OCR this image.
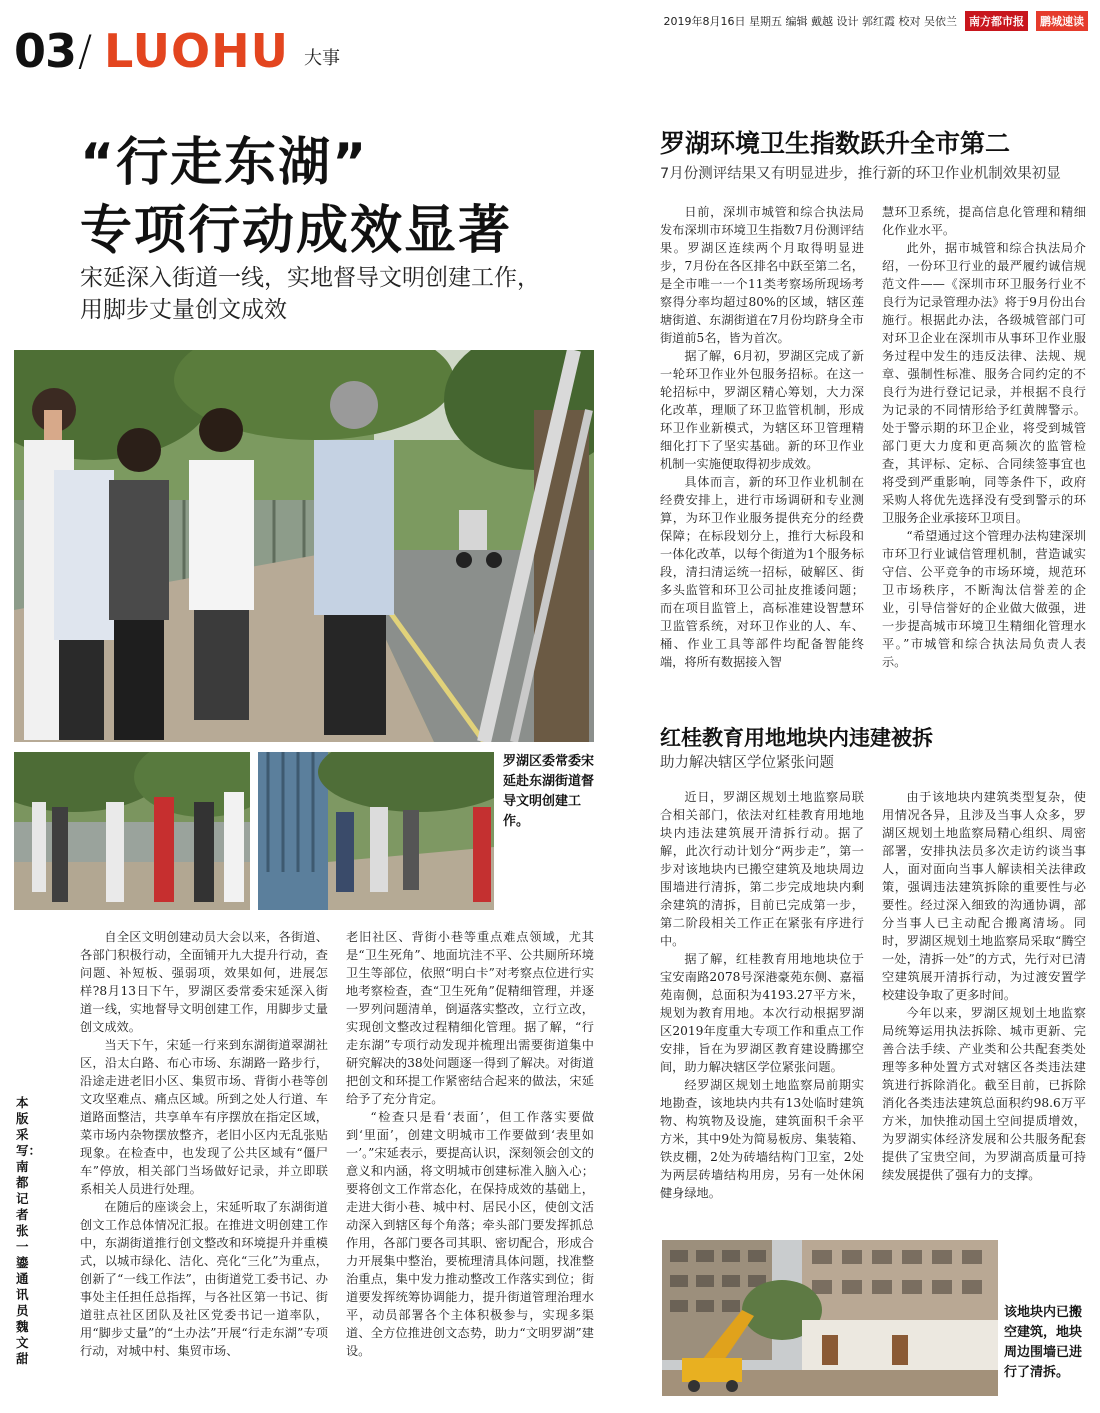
2019年8月16日 星期五 编辑 戴越 设计 郭红霞 校对 吴依兰	南方都市报	鹏城速读
03 / LUOHU 大事
“行走东湖”
专项行动成效显著
宋延深入街道一线，实地督导文明创建工作，用脚步丈量创文成效
罗湖区委常委宋延赴东湖街道督导文明创建工作。

自全区文明创建动员大会以来，各街道、各部门积极行动，全面铺开九大提升行动，查问题、补短板、强弱项，效果如何，进展怎样?8月13日下午，罗湖区委常委宋延深入街道一线，实地督导文明创建工作，用脚步丈量创文成效。

当天下午，宋延一行来到东湖街道翠湖社区，沿太白路、布心市场、东湖路一路步行，沿途走进老旧小区、集贸市场、背街小巷等创文攻坚难点、痛点区域。所到之处人行道、车道路面整洁，共享单车有序摆放在指定区域，菜市场内杂物摆放整齐，老旧小区内无乱张贴现象。在检查中，也发现了公共区域有“僵尸车”停放，相关部门当场做好记录，并立即联系相关人员进行处理。

在随后的座谈会上，宋延听取了东湖街道创文工作总体情况汇报。在推进文明创建工作中，东湖街道推行创文整改和环境提升并重模式，以城市绿化、洁化、亮化“三化”为重点，创新了“一线工作法”，由街道党工委书记、办事处主任担任总指挥，与各社区第一书记、街道驻点社区团队及社区党委书记一道率队，用“脚步丈量”的“土办法”开展“行走东湖”专项行动，对城中村、集贸市场、

老旧社区、背街小巷等重点难点领域，尤其是“卫生死角”、地面坑洼不平、公共厕所环境卫生等部位，依照“明白卡”对考察点位进行实地考察检查，查“卫生死角”促精细管理，并逐一罗列问题清单，倒逼落实整改，立行立改，实现创文整改过程精细化管理。据了解，“行走东湖”专项行动发现并梳理出需要街道集中研究解决的38处问题逐一得到了解决。对街道把创文和环提工作紧密结合起来的做法，宋延给予了充分肯定。

“检查只是看‘表面’，但工作落实要做到‘里面’，创建文明城市工作要做到‘表里如一’。”宋延表示，要提高认识，深刻领会创文的意义和内涵，将文明城市创建标准入脑入心；要将创文工作常态化，在保持成效的基础上，走进大街小巷、城中村、居民小区，使创文活动深入到辖区每个角落；牵头部门要发挥抓总作用，各部门要各司其职、密切配合，形成合力开展集中整治，要梳理清具体问题，找准整治重点，集中发力推动整改工作落实到位；街道要发挥统筹协调能力，提升街道管理治理水平，动员部署各个主体积极参与，实现多渠道、全方位推进创文态势，助力“文明罗湖”建设。

本版采写：南都记者 张一鎏 通讯员 魏文甜
罗湖环境卫生指数跃升全市第二
7月份测评结果又有明显进步，推行新的环卫作业机制效果初显

日前，深圳市城管和综合执法局发布深圳市环境卫生指数7月份测评结果。罗湖区连续两个月取得明显进步，7月份在各区排名中跃至第二名，是全市唯一一个11类考察场所现场考察得分率均超过80%的区域，辖区莲塘街道、东湖街道在7月份均跻身全市街道前5名，皆为首次。

据了解，6月初，罗湖区完成了新一轮环卫作业外包服务招标。在这一轮招标中，罗湖区精心筹划，大力深化改革，理顺了环卫监管机制，形成环卫作业新模式，为辖区环卫管理精细化打下了坚实基础。新的环卫作业机制一实施便取得初步成效。

具体而言，新的环卫作业机制在经费安排上，进行市场调研和专业测算，为环卫作业服务提供充分的经费保障；在标段划分上，推行大标段和一体化改革，以每个街道为1个服务标段，清扫清运统一招标，破解区、街多头监管和环卫公司扯皮推诿问题；而在项目监管上，高标准建设智慧环卫监管系统，对环卫作业的人、车、桶、作业工具等部件均配备智能终端，将所有数据接入智

慧环卫系统，提高信息化管理和精细化作业水平。

此外，据市城管和综合执法局介绍，一份环卫行业的最严履约诚信规范文件——《深圳市环卫服务行业不良行为记录管理办法》将于9月份出台施行。根据此办法，各级城管部门可对环卫企业在深圳市从事环卫作业服务过程中发生的违反法律、法规、规章、强制性标准、服务合同约定的不良行为进行登记记录，并根据不良行为记录的不同情形给予红黄牌警示。处于警示期的环卫企业，将受到城管部门更大力度和更高频次的监管检查，其评标、定标、合同续签事宜也将受到严重影响，同等条件下，政府采购人将优先选择没有受到警示的环卫服务企业承接环卫项目。

“希望通过这个管理办法构建深圳市环卫行业诚信管理机制，营造诚实守信、公平竞争的市场环境，规范环卫市场秩序，不断淘汰信誉差的企业，引导信誉好的企业做大做强，进一步提高城市环境卫生精细化管理水平。”市城管和综合执法局负责人表示。

红桂教育用地地块内违建被拆
助力解决辖区学位紧张问题

近日，罗湖区规划土地监察局联合相关部门，依法对红桂教育用地地块内违法建筑展开清拆行动。据了解，此次行动计划分“两步走”，第一步对该地块内已搬空建筑及地块周边围墙进行清拆，第二步完成地块内剩余建筑的清拆，目前已完成第一步，第二阶段相关工作正在紧张有序进行中。

据了解，红桂教育用地地块位于宝安南路2078号深港豪苑东侧、嘉福苑南侧，总面积为4193.27平方米，规划为教育用地。本次行动根据罗湖区2019年度重大专项工作和重点工作安排，旨在为罗湖区教育建设腾挪空间，助力解决辖区学位紧张问题。

经罗湖区规划土地监察局前期实地勘查，该地块内共有13处临时建筑物、构筑物及设施，建筑面积千余平方米，其中9处为简易板房、集装箱、铁皮棚，2处为砖墙结构门卫室，2处为两层砖墙结构用房，另有一处休闲健身绿地。

由于该地块内建筑类型复杂，使用情况各异，且涉及当事人众多，罗湖区规划土地监察局精心组织、周密部署，安排执法员多次走访约谈当事人，面对面向当事人解读相关法律政策，强调违法建筑拆除的重要性与必要性。经过深入细致的沟通协调，部分当事人已主动配合搬离清场。同时，罗湖区规划土地监察局采取“腾空一处，清拆一处”的方式，先行对已清空建筑展开清拆行动，为过渡安置学校建设争取了更多时间。

今年以来，罗湖区规划土地监察局统筹运用执法拆除、城市更新、完善合法手续、产业类和公共配套类处理等多种处置方式对辖区各类违法建筑进行拆除消化。截至目前，已拆除消化各类违法建筑总面积约98.6万平方米，加快推动国土空间提质增效，为罗湖实体经济发展和公共服务配套提供了宝贵空间，为罗湖高质量可持续发展提供了强有力的支撑。

该地块内已搬空建筑，地块周边围墙已进行了清拆。
